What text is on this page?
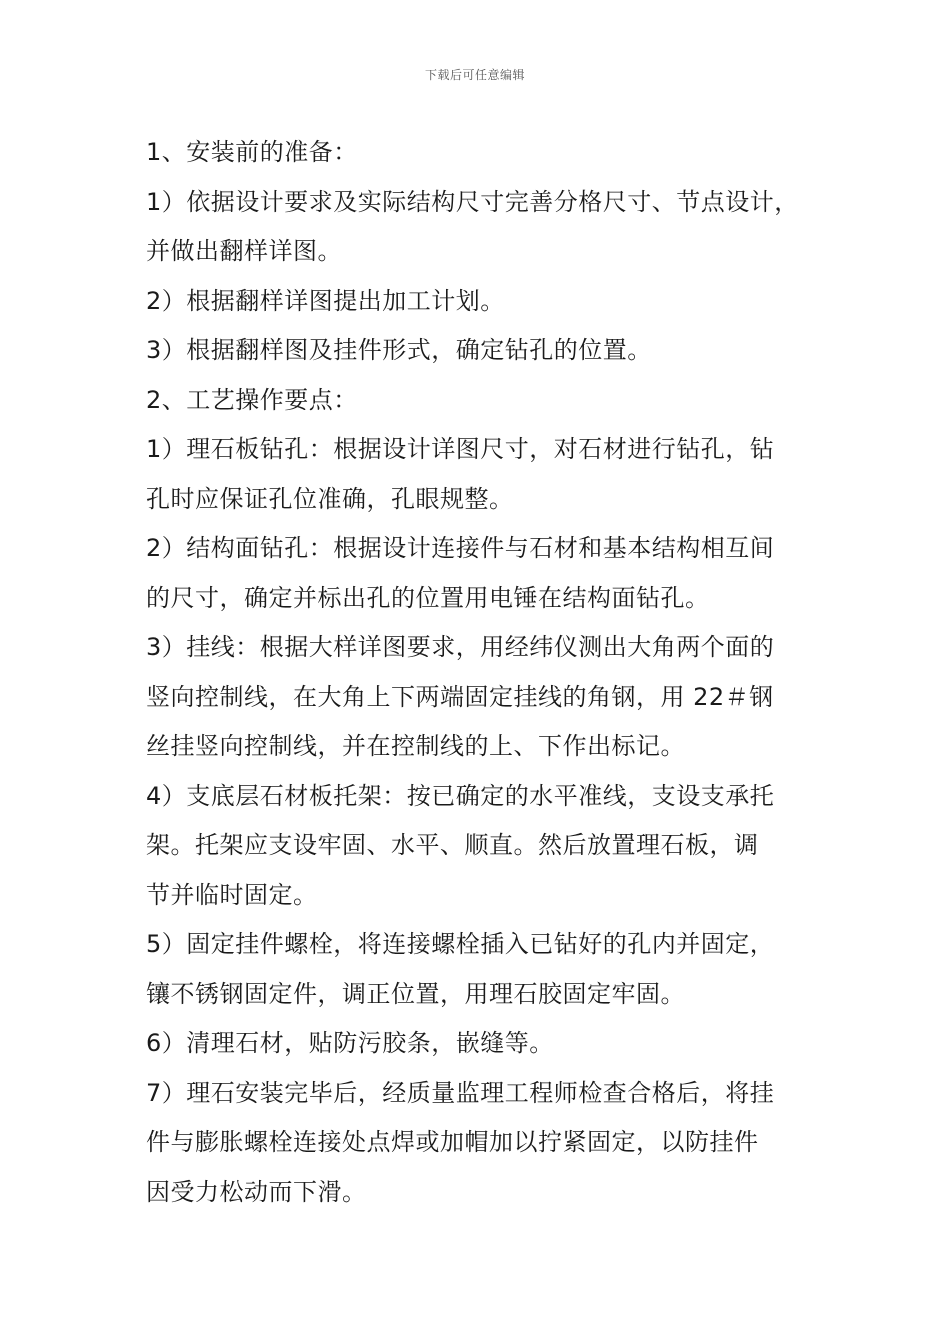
下载后可任意编辑
1、安装前的准备：
1）依据设计要求及实际结构尺寸完善分格尺寸、节点设计，
并做出翻样详图。
2）根据翻样详图提出加工计划。
3）根据翻样图及挂件形式，确定钻孔的位置。
2、工艺操作要点：
1）理石板钻孔：根据设计详图尺寸，对石材进行钻孔，钻
孔时应保证孔位准确，孔眼规整。
2）结构面钻孔：根据设计连接件与石材和基本结构相互间
的尺寸，确定并标出孔的位置用电锤在结构面钻孔。
3）挂线：根据大样详图要求，用经纬仪测出大角两个面的
竖向控制线，在大角上下两端固定挂线的角钢，用 22＃钢
丝挂竖向控制线，并在控制线的上、下作出标记。
4）支底层石材板托架：按已确定的水平准线，支设支承托
架。托架应支设牢固、水平、顺直。然后放置理石板，调
节并临时固定。
5）固定挂件螺栓，将连接螺栓插入已钻好的孔内并固定，
镶不锈钢固定件，调正位置，用理石胶固定牢固。
6）清理石材，贴防污胶条，嵌缝等。
7）理石安装完毕后，经质量监理工程师检查合格后，将挂
件与膨胀螺栓连接处点焊或加帽加以拧紧固定，以防挂件
因受力松动而下滑。
